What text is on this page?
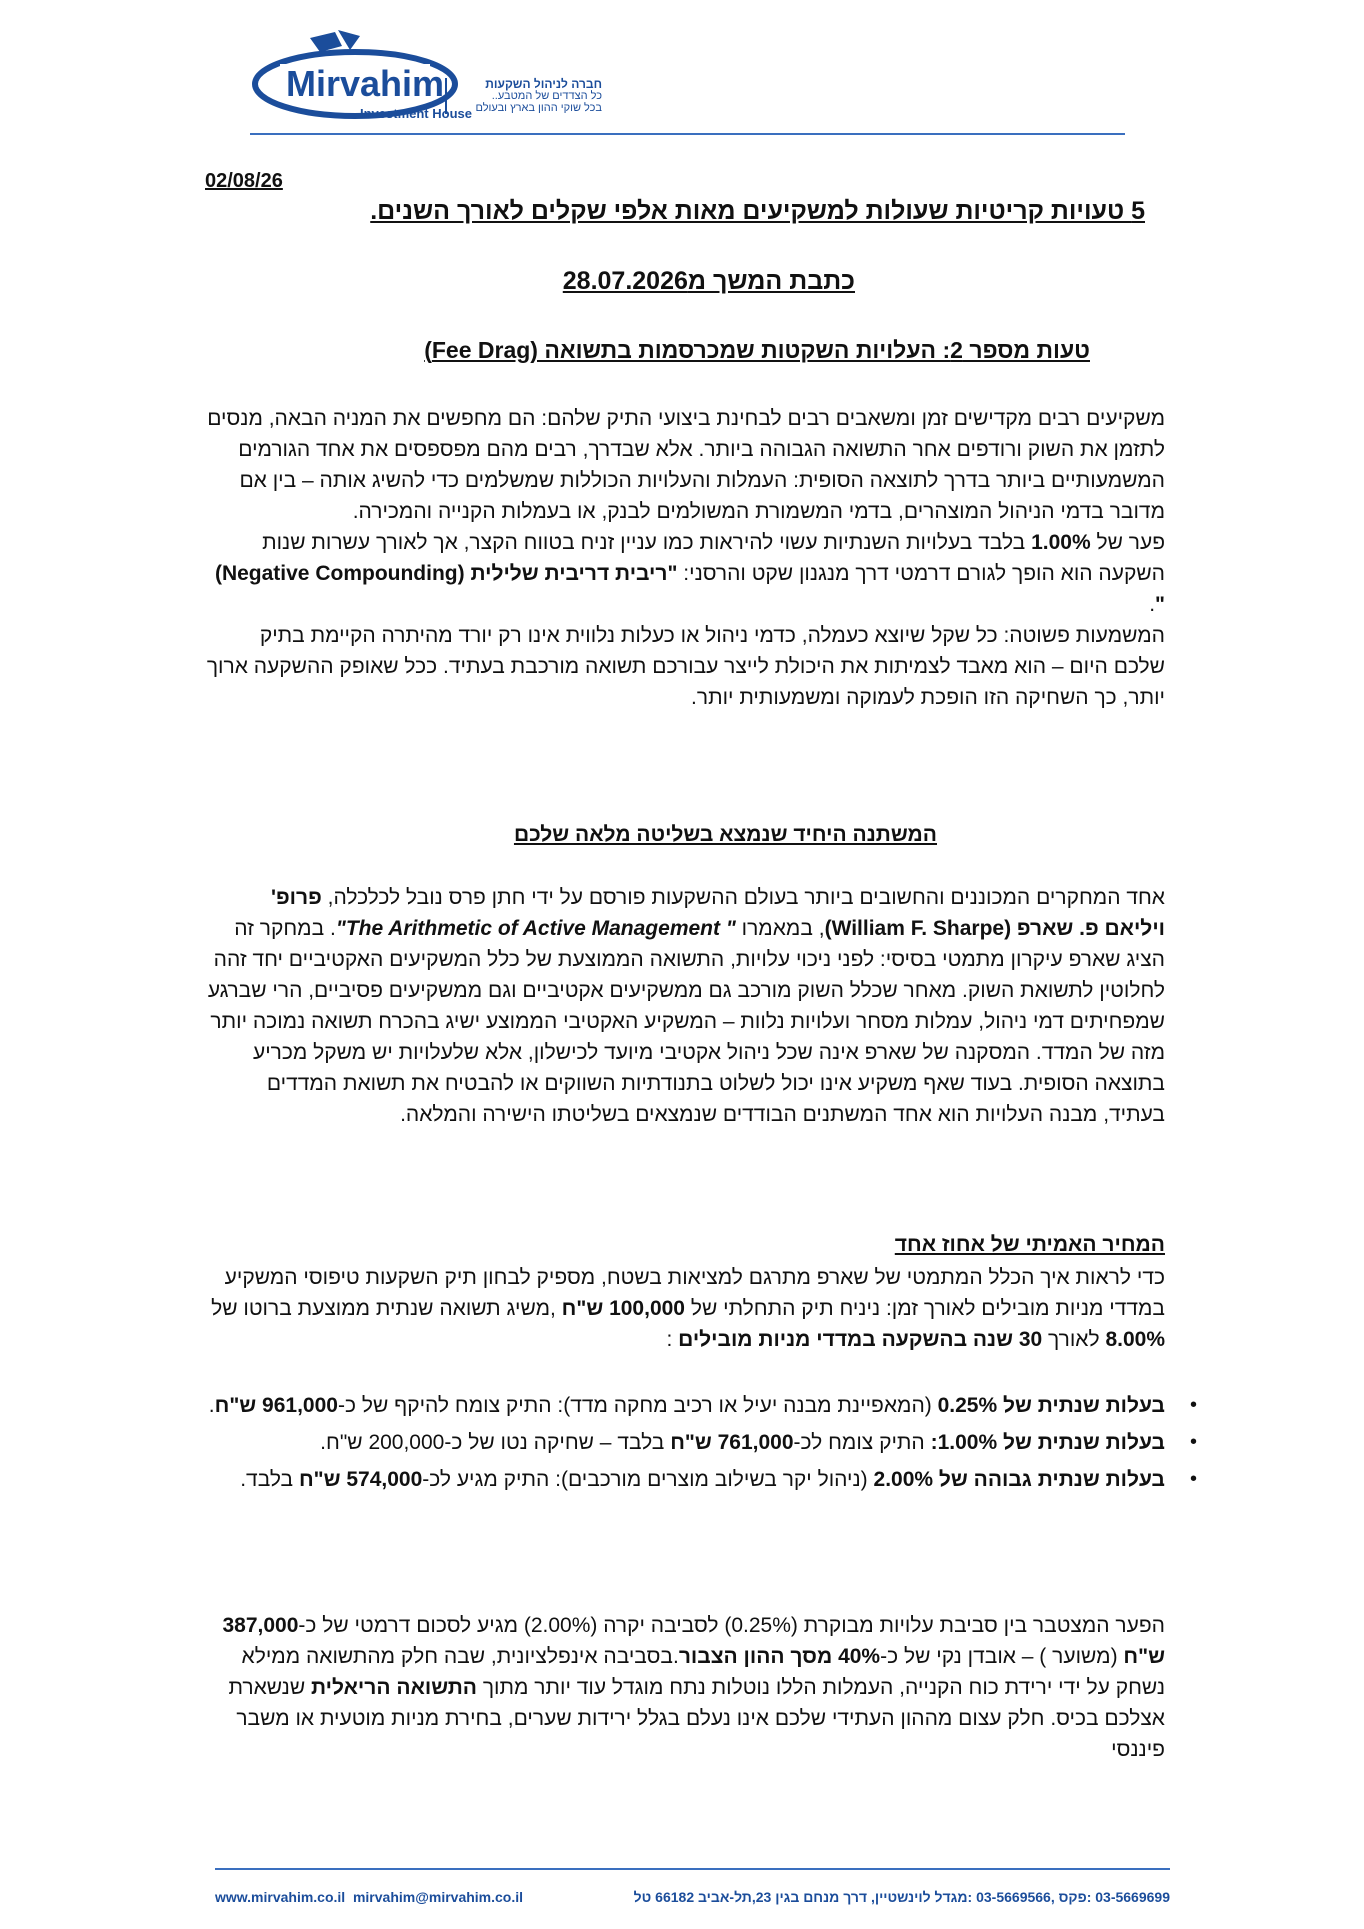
Mirvahim
Investment House
חברה לניהול השקעות
כל הצדדים של המטבע..
בכל שוקי ההון בארץ ובעולם
02/08/26
5 טעויות קריטיות שעולות למשקיעים מאות אלפי שקלים לאורך השנים.
כתבת המשך מ28.07.2026
טעות מספר 2: העלויות השקטות שמכרסמות בתשואה (Fee Drag)
משקיעים רבים מקדישים זמן ומשאבים רבים לבחינת ביצועי התיק שלהם: הם מחפשים את המניה הבאה, מנסים לתזמן את השוק ורודפים אחר התשואה הגבוהה ביותר. אלא שבדרך, רבים מהם מפספסים את אחד הגורמים המשמעותיים ביותר בדרך לתוצאה הסופית: העמלות והעלויות הכוללות שמשלמים כדי להשיג אותה – בין אם מדובר בדמי הניהול המוצהרים, בדמי המשמורת המשולמים לבנק, או בעמלות הקנייה והמכירה.
פער של 1.00% בלבד בעלויות השנתיות עשוי להיראות כמו עניין זניח בטווח הקצר, אך לאורך עשרות שנות השקעה הוא הופך לגורם דרמטי דרך מנגנון שקט והרסני: "ריבית דריבית שלילית (Negative Compounding) ".
המשמעות פשוטה: כל שקל שיוצא כעמלה, כדמי ניהול או כעלות נלווית אינו רק יורד מהיתרה הקיימת בתיק שלכם היום – הוא מאבד לצמיתות את היכולת לייצר עבורכם תשואה מורכבת בעתיד. ככל שאופק ההשקעה ארוך יותר, כך השחיקה הזו הופכת לעמוקה ומשמעותית יותר.
המשתנה היחיד שנמצא בשליטה מלאה שלכם
אחד המחקרים המכוננים והחשובים ביותר בעולם ההשקעות פורסם על ידי חתן פרס נובל לכלכלה, פרופ' ויליאם פ. שארפ (William F. Sharpe), במאמרו " The Arithmetic of Active Management". במחקר זה הציג שארפ עיקרון מתמטי בסיסי: לפני ניכוי עלויות, התשואה הממוצעת של כלל המשקיעים האקטיביים יחד זהה לחלוטין לתשואת השוק. מאחר שכלל השוק מורכב גם ממשקיעים אקטיביים וגם ממשקיעים פסיביים, הרי שברגע שמפחיתים דמי ניהול, עמלות מסחר ועלויות נלוות – המשקיע האקטיבי הממוצע ישיג בהכרח תשואה נמוכה יותר מזה של המדד. המסקנה של שארפ אינה שכל ניהול אקטיבי מיועד לכישלון, אלא שלעלויות יש משקל מכריע בתוצאה הסופית. בעוד שאף משקיע אינו יכול לשלוט בתנודתיות השווקים או להבטיח את תשואת המדדים בעתיד, מבנה העלויות הוא אחד המשתנים הבודדים שנמצאים בשליטתו הישירה והמלאה.
המחיר האמיתי של אחוז אחד
כדי לראות איך הכלל המתמטי של שארפ מתרגם למציאות בשטח, מספיק לבחון תיק השקעות טיפוסי המשקיע במדדי מניות מובילים לאורך זמן: ניניח תיק התחלתי של 100,000 ש"ח ,משיג תשואה שנתית ממוצעת ברוטו של 8.00% לאורך 30 שנה בהשקעה במדדי מניות מובילים :
•
בעלות שנתית של 0.25% (המאפיינת מבנה יעיל או רכיב מחקה מדד): התיק צומח להיקף של כ-961,000 ש"ח.
•
בעלות שנתית של 1.00%: התיק צומח לכ-761,000 ש"ח בלבד – שחיקה נטו של כ-200,000 ש"ח.
•
בעלות שנתית גבוהה של 2.00% (ניהול יקר בשילוב מוצרים מורכבים): התיק מגיע לכ-574,000 ש"ח בלבד.
הפער המצטבר בין סביבת עלויות מבוקרת (0.25%) לסביבה יקרה (2.00%) מגיע לסכום דרמטי של כ-387,000 ש"ח (משוער ) – אובדן נקי של כ-40% מסך ההון הצבור.בסביבה אינפלציונית, שבה חלק מהתשואה ממילא נשחק על ידי ירידת כוח הקנייה, העמלות הללו נוטלות נתח מוגדל עוד יותר מתוך התשואה הריאלית שנשארת אצלכם בכיס. חלק עצום מההון העתידי שלכם אינו נעלם בגלל ירידות שערים, בחירת מניות מוטעית או משבר פיננסי
www.mirvahim.co.il mirvahim@mirvahim.co.il	03-5669699 :פקס ,03-5669566 :מגדל לוינשטיין, דרך מנחם בגין 23,תל-אביב 66182 טל
